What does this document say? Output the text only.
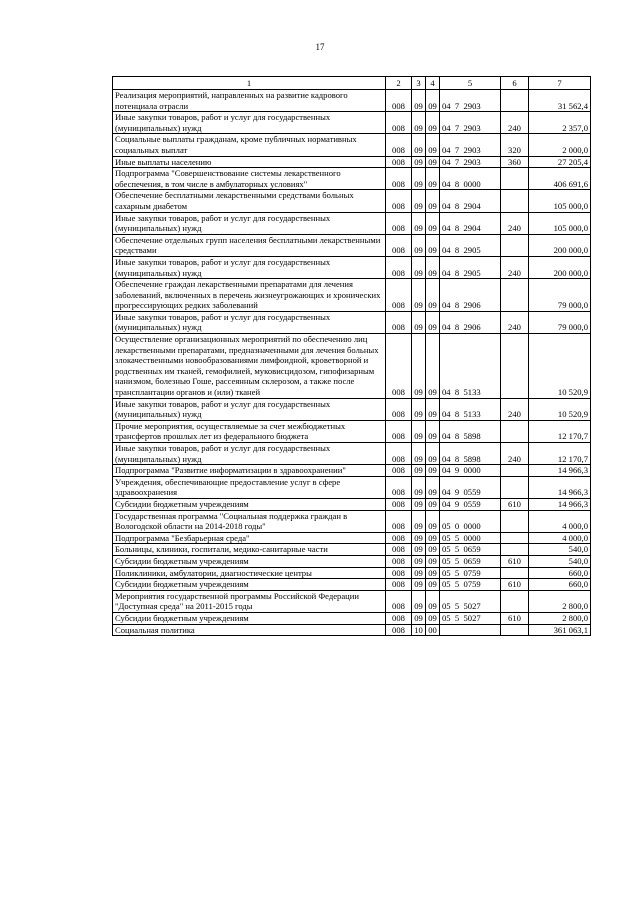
17
1	2	3	4	5	6	7
Реализация мероприятий, направленных на развитие кадрового потенциала отрасли	008	09	09	04  7  2903		31 562,4
Иные закупки товаров, работ и услуг для государственных (муниципальных) нужд	008	09	09	04  7  2903	240	2 357,0
Социальные выплаты гражданам, кроме публичных нормативных социальных выплат	008	09	09	04  7  2903	320	2 000,0
Иные выплаты населению	008	09	09	04  7  2903	360	27 205,4
Подпрограмма "Совершенствование системы лекарственного обеспечения, в том числе в амбулаторных условиях"	008	09	09	04  8  0000		406 691,6
Обеспечение бесплатными лекарственными средствами больных сахарным диабетом	008	09	09	04  8  2904		105 000,0
Иные закупки товаров, работ и услуг для государственных (муниципальных) нужд	008	09	09	04  8  2904	240	105 000,0
Обеспечение отдельных групп населения бесплатными лекарственными средствами	008	09	09	04  8  2905		200 000,0
Иные закупки товаров, работ и услуг для государственных (муниципальных) нужд	008	09	09	04  8  2905	240	200 000,0
Обеспечение граждан лекарственными препаратами для лечения заболеваний, включенных в перечень жизнеугрожающих и хронических прогрессирующих редких заболеваний	008	09	09	04  8  2906		79 000,0
Иные закупки товаров, работ и услуг для государственных (муниципальных) нужд	008	09	09	04  8  2906	240	79 000,0
Осуществление организационных мероприятий по обеспечению лиц лекарственными препаратами, предназначенными для лечения больных злокачественными новообразованиями лимфоидной, кроветворной и родственных им тканей, гемофилией, муковисцидозом, гипофизарным нанизмом, болезнью Гоше, рассеянным склерозом, а также после трансплантации органов и (или) тканей	008	09	09	04  8  5133		10 520,9
Иные закупки товаров, работ и услуг для государственных (муниципальных) нужд	008	09	09	04  8  5133	240	10 520,9
Прочие мероприятия, осуществляемые за счет межбюджетных трансфертов прошлых лет из федерального бюджета	008	09	09	04  8  5898		12 170,7
Иные закупки товаров, работ и услуг для государственных (муниципальных) нужд	008	09	09	04  8  5898	240	12 170,7
Подпрограмма "Развитие информатизации в здравоохранении"	008	09	09	04  9  0000		14 966,3
Учреждения, обеспечивающие предоставление услуг в сфере здравоохранения	008	09	09	04  9  0559		14 966,3
Субсидии бюджетным учреждениям	008	09	09	04  9  0559	610	14 966,3
Государственная программа "Социальная поддержка граждан в Вологодской области на 2014-2018 годы"	008	09	09	05  0  0000		4 000,0
Подпрограмма "Безбарьерная среда"	008	09	09	05  5  0000		4 000,0
Больницы, клиники, госпитали, медико-санитарные части	008	09	09	05  5  0659		540,0
Субсидии бюджетным учреждениям	008	09	09	05  5  0659	610	540,0
Поликлиники, амбулатории, диагностические центры	008	09	09	05  5  0759		660,0
Субсидии бюджетным учреждениям	008	09	09	05  5  0759	610	660,0
Мероприятия государственной программы Российской Федерации "Доступная среда" на 2011-2015 годы	008	09	09	05  5  5027		2 800,0
Субсидии бюджетным учреждениям	008	09	09	05  5  5027	610	2 800,0
Социальная политика	008	10	00			361 063,1
